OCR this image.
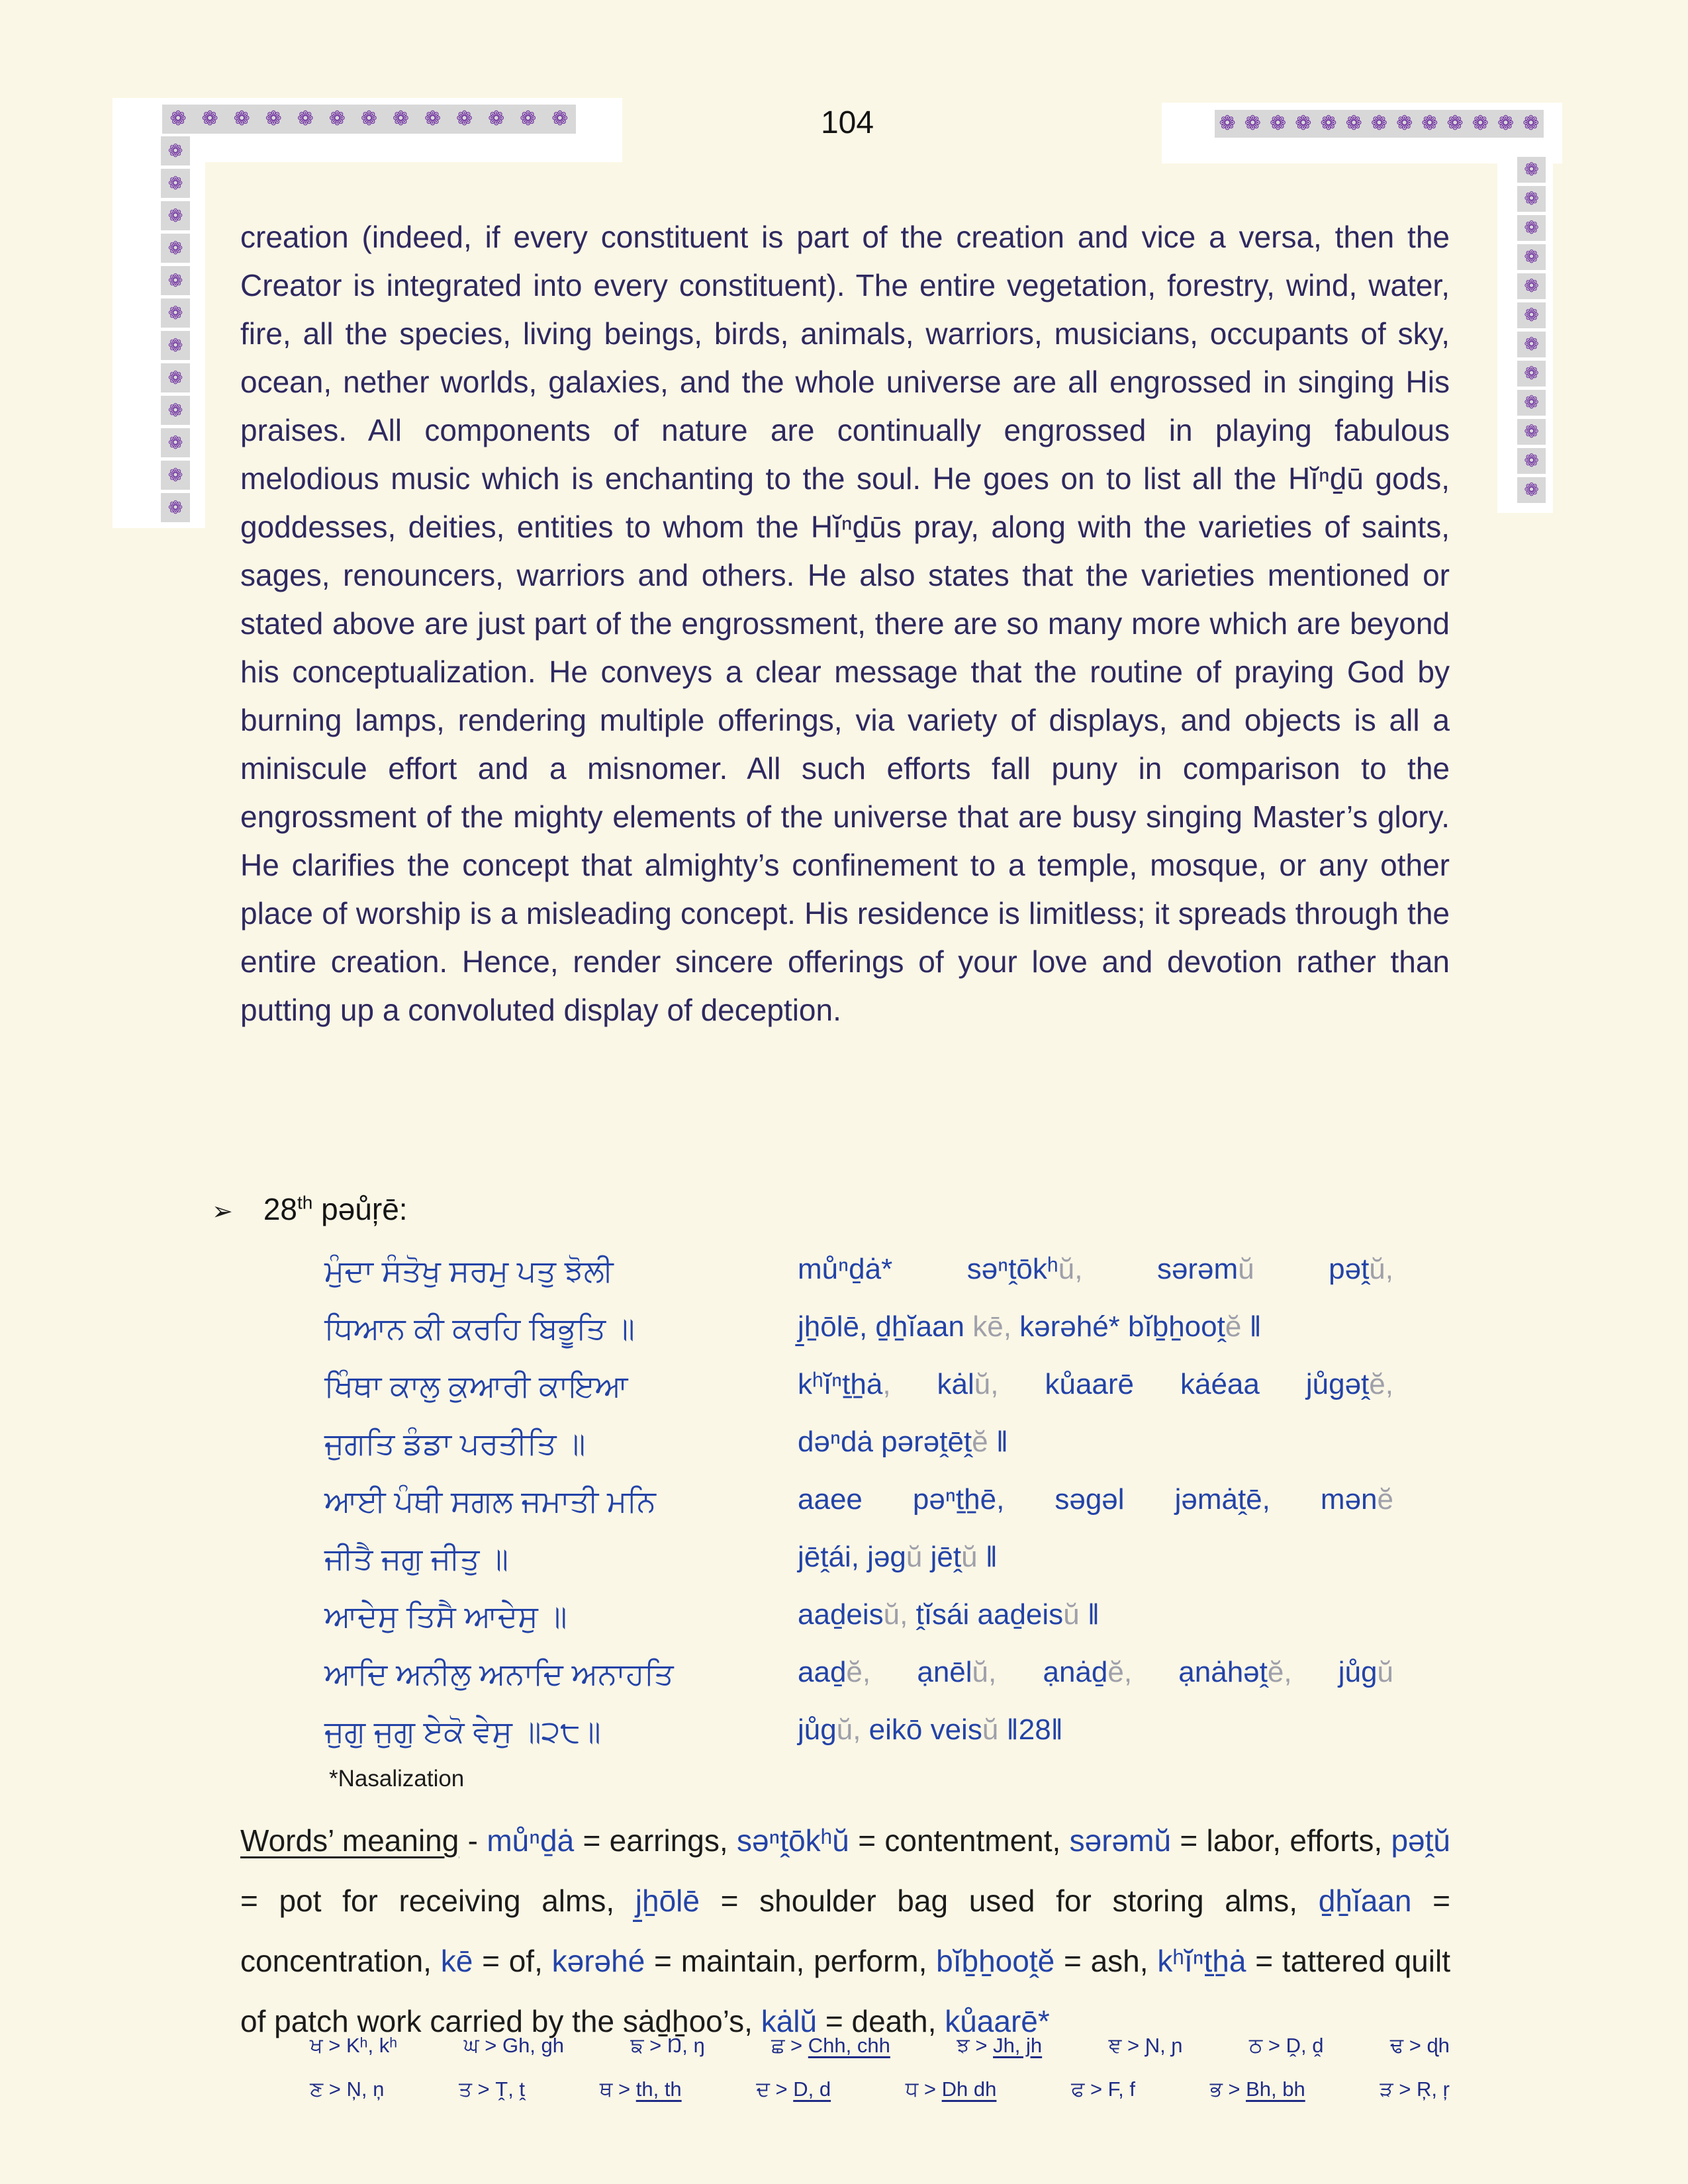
❁ ❁ ❁ ❁ ❁ ❁ ❁ ❁ ❁ ❁ ❁ ❁ ❁
❁
❁
❁
❁
❁
❁
❁
❁
❁
❁
❁
❁
❁ ❁ ❁ ❁ ❁ ❁ ❁ ❁ ❁ ❁ ❁ ❁ ❁
❁
❁
❁
❁
❁
❁
❁
❁
❁
❁
❁
❁
104
creation (indeed, if every constituent is part of the creation and vice a versa, then the Creator is integrated into every constituent). The entire vegetation, forestry, wind, water, fire, all the species, living beings, birds, animals, warriors, musicians, occupants of sky, ocean, nether worlds, galaxies, and the whole universe are all engrossed in singing His praises. All components of nature are continually engrossed in playing fabulous melodious music which is enchanting to the soul. He goes on to list all the Hĭⁿd̠ū gods, goddesses, deities, entities to whom the Hĭⁿd̠ūs pray, along with the varieties of saints, sages, renouncers, warriors and others. He also states that the varieties mentioned or stated above are just part of the engrossment, there are so many more which are beyond his conceptualization. He conveys a clear message that the routine of praying God by burning lamps, rendering multiple offerings, via variety of displays, and objects is all a miniscule effort and a misnomer. All such efforts fall puny in comparison to the engrossment of the mighty elements of the universe that are busy singing Master’s glory. He clarifies the concept that almighty’s confinement to a temple, mosque, or any other place of worship is a misleading concept. His residence is limitless; it spreads through the entire creation. Hence, render sincere offerings of your love and devotion rather than putting up a convoluted display of deception.
➢ 28th pəůŗē:
ਮੁੰਦਾ ਸੰਤੋਖੁ ਸਰਮੁ ਪਤੁ ਝੋਲੀ	můⁿḏȧ* səⁿṱōkʰŭ, sərəmŭ pəṱŭ,
ਧਿਆਨ ਕੀ ਕਰਹਿ ਬਿਭੂਤਿ ॥	j̠h̠ōlē, d̠h̠ĭaan kē, kərəhé* bĭb̠h̠ooṱĕ ‖
ਖਿੰਥਾ ਕਾਲੁ ਕੁਆਰੀ ਕਾਇਆ	kʰĭⁿt̠h̠ȧ, kȧlŭ, kůaarē kȧéaa jůgəṱĕ,
ਜੁਗਤਿ ਡੰਡਾ ਪਰਤੀਤਿ ॥	dəⁿdȧ pərəṱēṱĕ ‖
ਆਈ ਪੰਥੀ ਸਗਲ ਜਮਾਤੀ ਮਨਿ	aaee pəⁿt̠h̠ē, səgəl jəmȧṱē, mənĕ
ਜੀਤੈ ਜਗੁ ਜੀਤੁ ॥	jēṱái, jəgŭ jēṱŭ ‖
ਆਦੇਸੁ ਤਿਸੈ ਆਦੇਸੁ ॥	aaḏeisŭ, ṱĭsái aaḏeisŭ ‖
ਆਦਿ ਅਨੀਲੁ ਅਨਾਦਿ ਅਨਾਹਤਿ	aaḏĕ, ạnēlŭ, ạnȧḏĕ, ạnȧhəṱĕ, jůgŭ
ਜੁਗੁ ਜੁਗੁ ਏਕੋ ਵੇਸੁ ॥੨੮॥	jůgŭ, eikō veisŭ ‖28‖
*Nasalization
Words’ meaning - můⁿḏȧ = earrings, səⁿṱōkʰŭ = contentment, sərəmŭ = labor, efforts, pəṱŭ = pot for receiving alms, j̠h̠ōlē = shoulder bag used for storing alms, d̠h̠ĭaan = concentration, kē = of, kərəhé = maintain, perform, bĭb̠h̠ooṱĕ = ash, kʰĭⁿt̠h̠ȧ = tattered quilt of patch work carried by the sȧd̠h̠oo’s, kȧlŭ = death, kůaarē*
ਖ > Kʰ, kʰ	ਘ > Gh, gh	ਙ > Ŋ, ŋ	ਛ > Chh, chh	ਝ > Jh, jh	ਞ > Ɲ, ɲ	ਠ > Ḓ, ḓ	ਢ > ɖh
ਣ > Ņ, ņ	ਤ > Ṱ, ṱ	ਥ > th, th	ਦ > D, d	ਧ > Dh dh	ਫ > F, f	ਭ > Bh, bh	ੜ > Ŗ, ŗ
